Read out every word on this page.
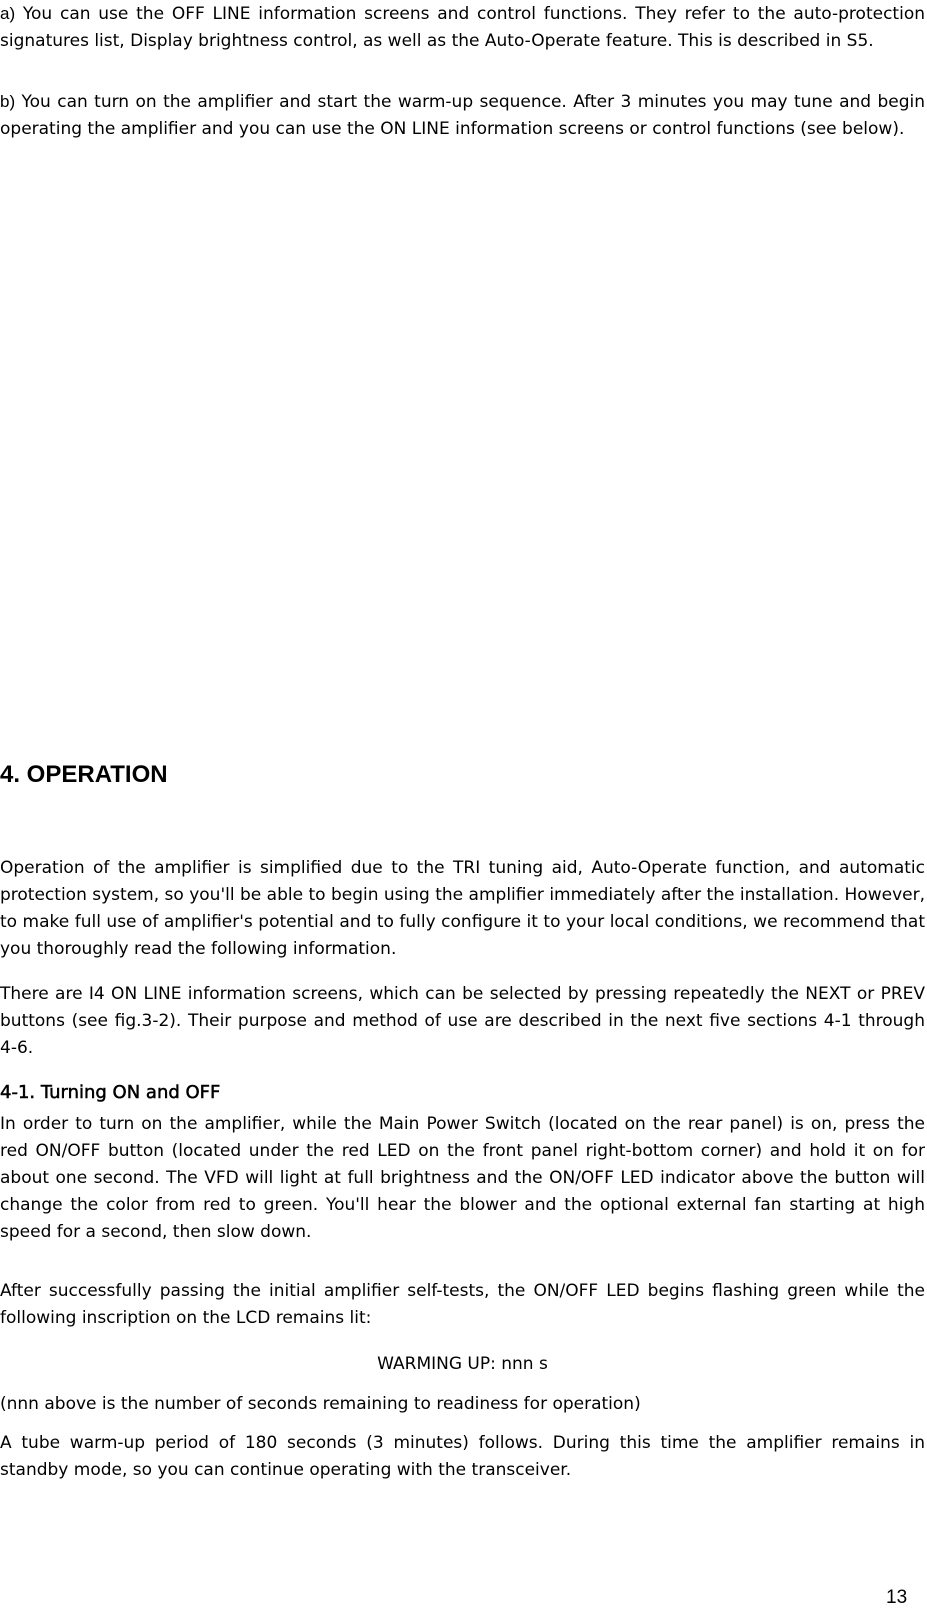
a) You can use the OFF LINE information screens and control functions. They refer to the auto-protection signatures list, Display brightness control, as well as the Auto-Operate feature. This is described in S5.

b) You can turn on the amplifier and start the warm-up sequence. After 3 minutes you may tune and begin operating the amplifier and you can use the ON LINE information screens or control functions (see below).

4. OPERATION

Operation of the amplifier is simplified due to the TRI tuning aid, Auto-Operate function, and automatic protection system, so you'll be able to begin using the amplifier immediately after the installation. However, to make full use of amplifier's potential and to fully configure it to your local conditions, we recommend that you thoroughly read the following information.

There are I4 ON LINE information screens, which can be selected by pressing repeatedly the NEXT or PREV buttons (see fig.3-2). Their purpose and method of use are described in the next five sections 4-1 through 4-6.

4-1. Turning ON and OFF

In order to turn on the amplifier, while the Main Power Switch (located on the rear panel) is on, press the red ON/OFF button (located under the red LED on the front panel right-bottom corner) and hold it on for about one second. The VFD will light at full brightness and the ON/OFF LED indicator above the button will change the color from red to green. You'll hear the blower and the optional external fan starting at high speed for a second, then slow down.

After successfully passing the initial amplifier self-tests, the ON/OFF LED begins flashing green while the following inscription on the LCD remains lit:

WARMING UP: nnn s

(nnn above is the number of seconds remaining to readiness for operation)

A tube warm-up period of 180 seconds (3 minutes) follows. During this time the amplifier remains in standby mode, so you can continue operating with the transceiver.

13
